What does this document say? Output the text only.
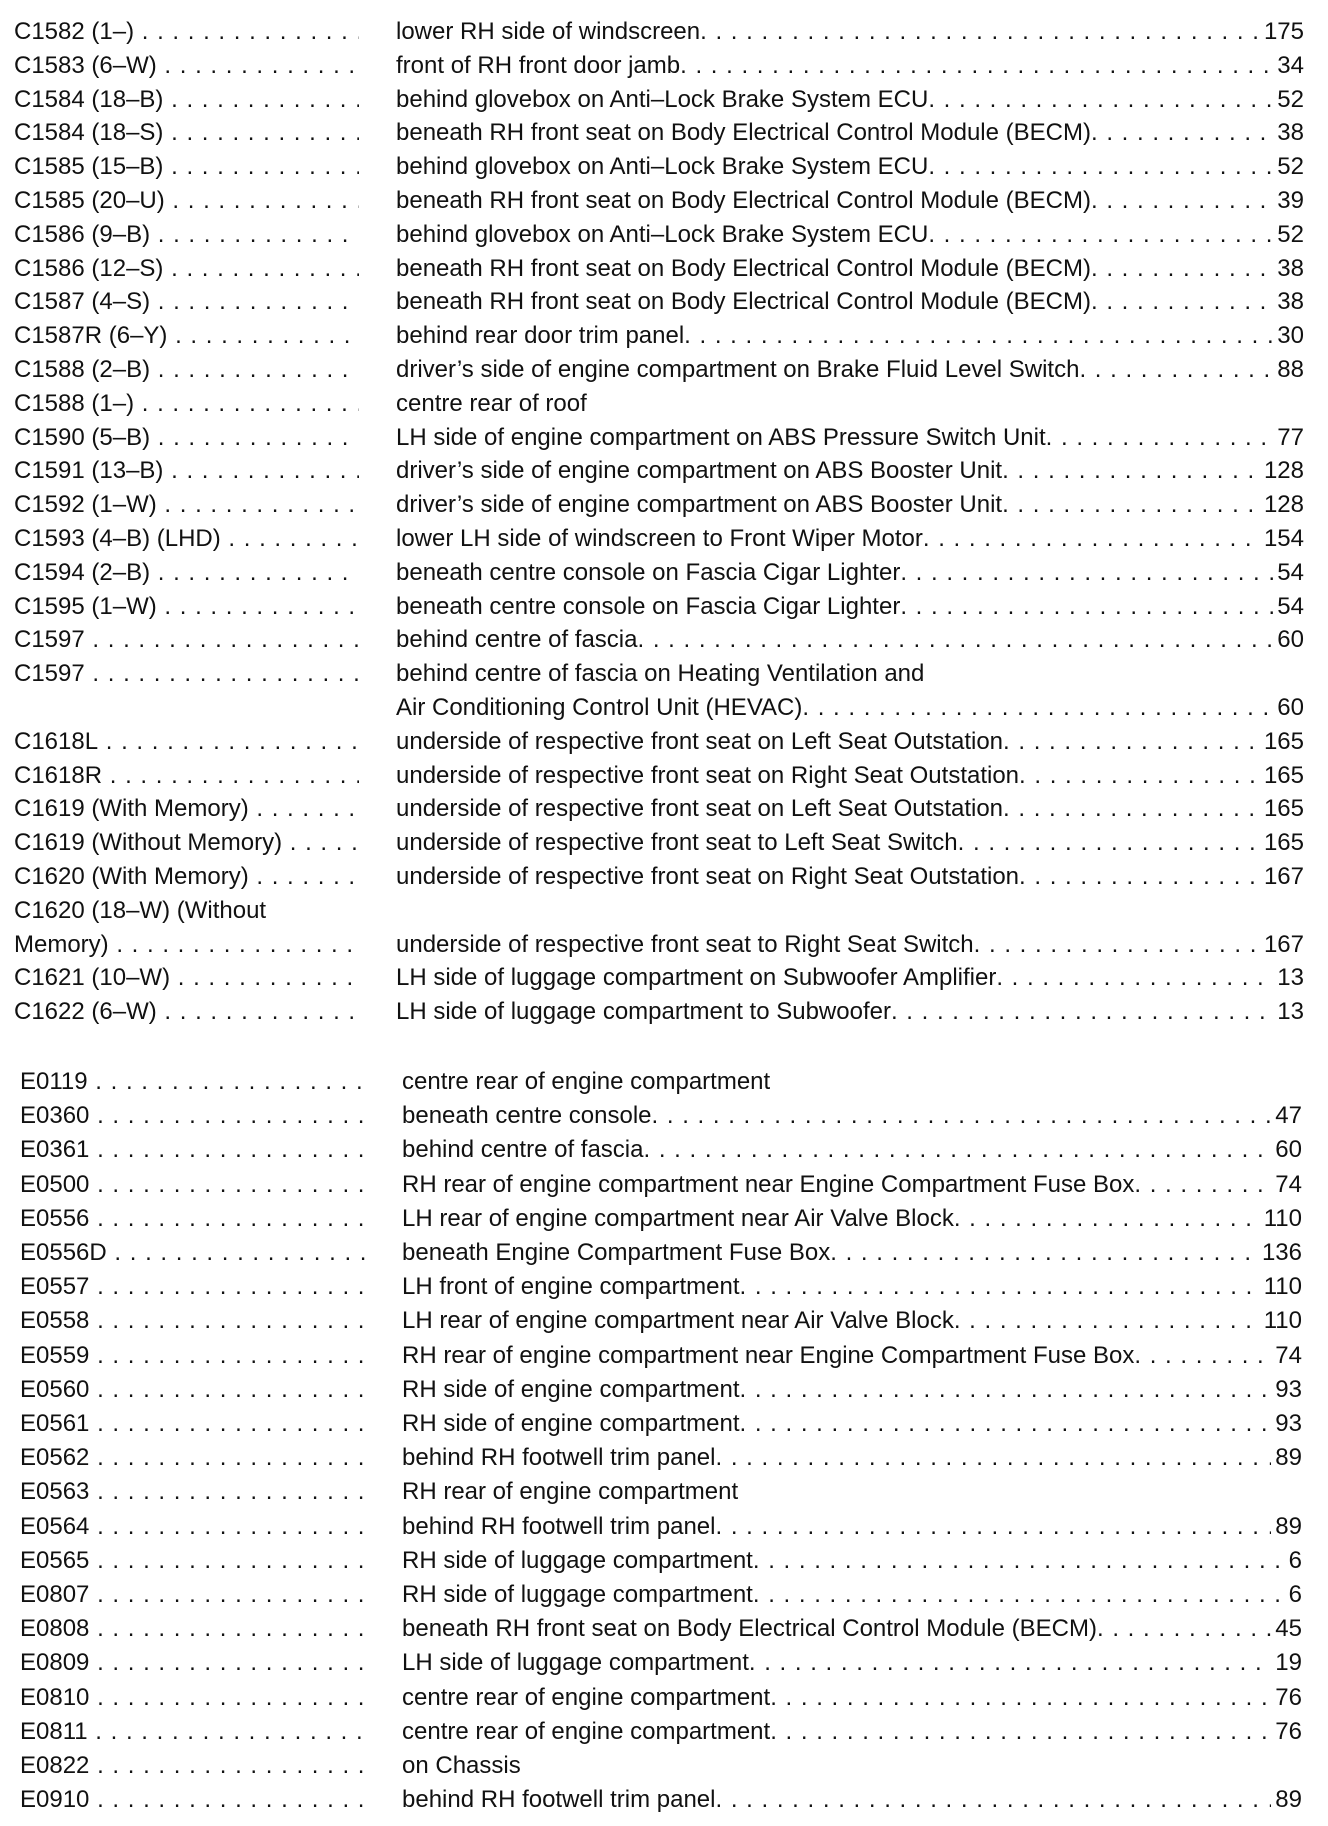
C1582 (1–) . . .	lower RH side of windscreen . . .	175
C1583 (6–W) . . .	front of RH front door jamb . . .	34
C1584 (18–B) . . .	behind glovebox on Anti–Lock Brake System ECU . . .	52
C1584 (18–S) . . .	beneath RH front seat on Body Electrical Control Module (BECM) . . .	38
C1585 (15–B) . . .	behind glovebox on Anti–Lock Brake System ECU . . .	52
C1585 (20–U) . . .	beneath RH front seat on Body Electrical Control Module (BECM) . . .	39
C1586 (9–B) . . .	behind glovebox on Anti–Lock Brake System ECU . . .	52
C1586 (12–S) . . .	beneath RH front seat on Body Electrical Control Module (BECM) . . .	38
C1587 (4–S) . . .	beneath RH front seat on Body Electrical Control Module (BECM) . . .	38
C1587R (6–Y) . . .	behind rear door trim panel . . .	30
C1588 (2–B) . . .	driver’s side of engine compartment on Brake Fluid Level Switch . . .	88
C1588 (1–) . . .	centre rear of roof
C1590 (5–B) . . .	LH side of engine compartment on ABS Pressure Switch Unit . . .	77
C1591 (13–B) . . .	driver’s side of engine compartment on ABS Booster Unit . . .	128
C1592 (1–W) . . .	driver’s side of engine compartment on ABS Booster Unit . . .	128
C1593 (4–B) (LHD) . . .	lower LH side of windscreen to Front Wiper Motor . . .	154
C1594 (2–B) . . .	beneath centre console on Fascia Cigar Lighter . . .	54
C1595 (1–W) . . .	beneath centre console on Fascia Cigar Lighter . . .	54
C1597 . . .	behind centre of fascia . . .	60
C1597 . . .	behind centre of fascia on Heating Ventilation and
Air Conditioning Control Unit (HEVAC) . . .	60
C1618L . . .	underside of respective front seat on Left Seat Outstation . . .	165
C1618R . . .	underside of respective front seat on Right Seat Outstation . . .	165
C1619 (With Memory) . . .	underside of respective front seat on Left Seat Outstation . . .	165
C1619 (Without Memory) . . .	underside of respective front seat to Left Seat Switch . . .	165
C1620 (With Memory) . . .	underside of respective front seat on Right Seat Outstation . . .	167
C1620 (18–W) (Without
Memory) . . .	underside of respective front seat to Right Seat Switch . . .	167
C1621 (10–W) . . .	LH side of luggage compartment on Subwoofer Amplifier . . .	13
C1622 (6–W) . . .	LH side of luggage compartment to Subwoofer . . .	13
E0119 . . .	centre rear of engine compartment
E0360 . . .	beneath centre console . . .	47
E0361 . . .	behind centre of fascia . . .	60
E0500 . . .	RH rear of engine compartment near Engine Compartment Fuse Box . . .	74
E0556 . . .	LH rear of engine compartment near Air Valve Block . . .	110
E0556D . . .	beneath Engine Compartment Fuse Box . . .	136
E0557 . . .	LH front of engine compartment . . .	110
E0558 . . .	LH rear of engine compartment near Air Valve Block . . .	110
E0559 . . .	RH rear of engine compartment near Engine Compartment Fuse Box . . .	74
E0560 . . .	RH side of engine compartment . . .	93
E0561 . . .	RH side of engine compartment . . .	93
E0562 . . .	behind RH footwell trim panel . . .	89
E0563 . . .	RH rear of engine compartment
E0564 . . .	behind RH footwell trim panel . . .	89
E0565 . . .	RH side of luggage compartment . . .	6
E0807 . . .	RH side of luggage compartment . . .	6
E0808 . . .	beneath RH front seat on Body Electrical Control Module (BECM) . . .	45
E0809 . . .	LH side of luggage compartment . . .	19
E0810 . . .	centre rear of engine compartment . . .	76
E0811 . . .	centre rear of engine compartment . . .	76
E0822 . . .	on Chassis
E0910 . . .	behind RH footwell trim panel . . .	89
